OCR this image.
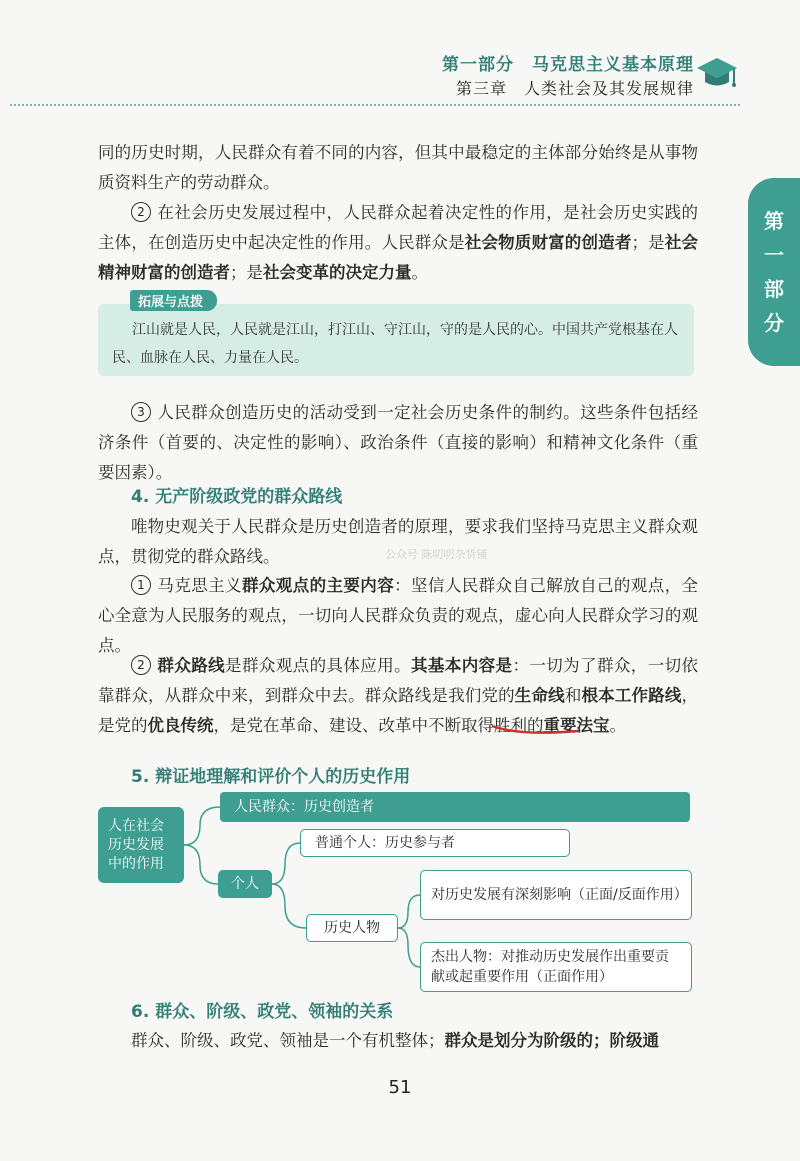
第一部分　马克思主义基本原理
第三章　人类社会及其发展规律
第
一
部
分
同的历史时期，人民群众有着不同的内容，但其中最稳定的主体部分始终是从事物质资料生产的劳动群众。
2 在社会历史发展过程中，人民群众起着决定性的作用，是社会历史实践的主体，在创造历史中起决定性的作用。人民群众是社会物质财富的创造者；是社会精神财富的创造者；是社会变革的决定力量。
拓展与点拨
江山就是人民，人民就是江山，打江山、守江山，守的是人民的心。中国共产党根基在人民、血脉在人民、力量在人民。
3 人民群众创造历史的活动受到一定社会历史条件的制约。这些条件包括经济条件（首要的、决定性的影响）、政治条件（直接的影响）和精神文化条件（重要因素）。
4. 无产阶级政党的群众路线
唯物史观关于人民群众是历史创造者的原理，要求我们坚持马克思主义群众观点，贯彻党的群众路线。	公众号 陈叨叨杂货铺
1 马克思主义群众观点的主要内容：坚信人民群众自己解放自己的观点，全心全意为人民服务的观点，一切向人民群众负责的观点，虚心向人民群众学习的观点。
2 群众路线是群众观点的具体应用。其基本内容是：一切为了群众，一切依靠群众，从群众中来，到群众中去。群众路线是我们党的生命线和根本工作路线，是党的优良传统，是党在革命、建设、改革中不断取得胜利的重要法宝。
5. 辩证地理解和评价个人的历史作用
人在社会历史发展中的作用
人民群众：历史创造者
个人
普通个人：历史参与者
历史人物
对历史发展有深刻影响（正面/反面作用）
杰出人物：对推动历史发展作出重要贡献或起重要作用（正面作用）
6. 群众、阶级、政党、领袖的关系
群众、阶级、政党、领袖是一个有机整体；群众是划分为阶级的；阶级通
51
